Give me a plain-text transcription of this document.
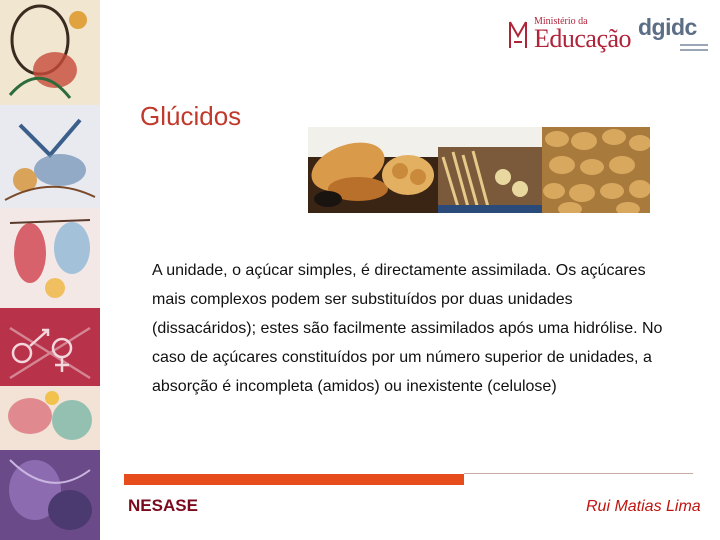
Ministério da
Educação dgidc
Glúcidos
A unidade, o açúcar simples, é directamente assimilada. Os açúcares mais complexos podem ser substituídos por duas unidades (dissacáridos); estes são facilmente assimilados após uma hidrólise. No caso de açúcares constituídos por um número superior de unidades, a absorção é incompleta (amidos) ou inexistente (celulose)
NESASE	Rui Matias Lima
